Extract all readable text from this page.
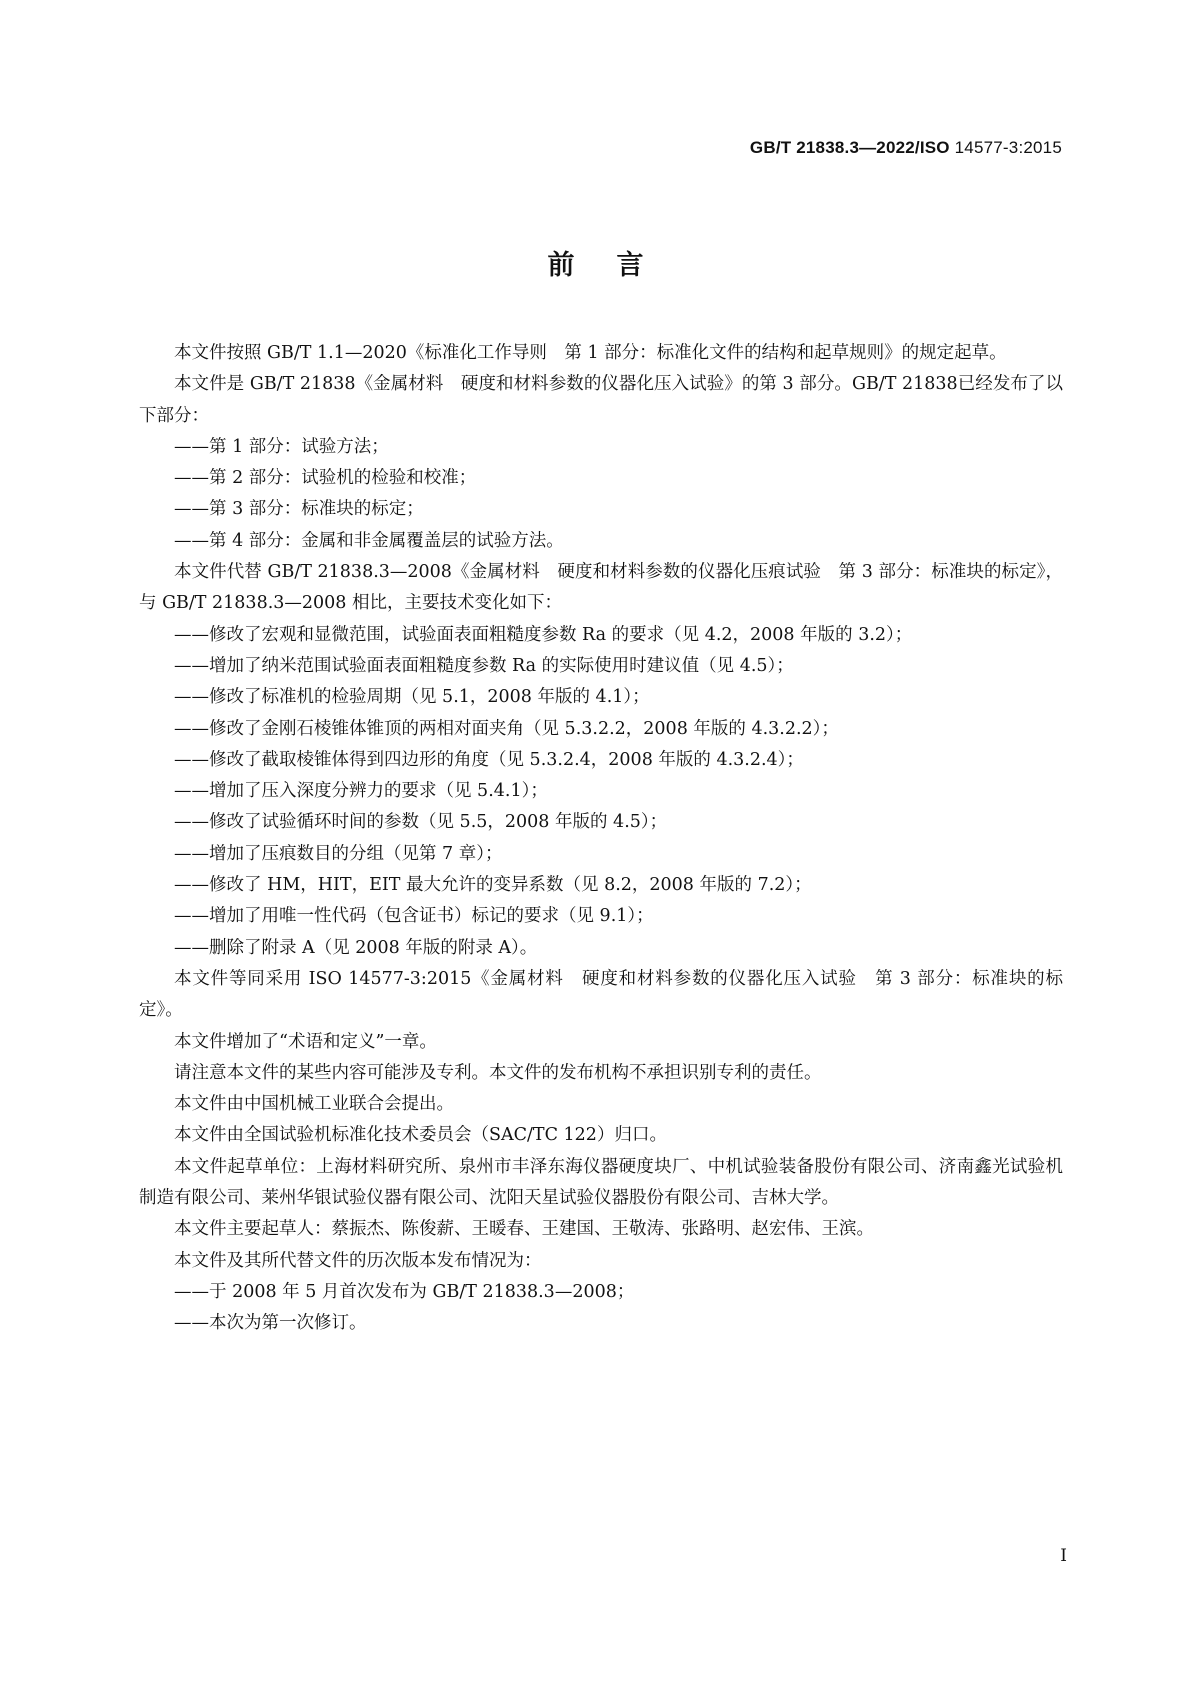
GB/T 21838.3—2022/ISO 14577-3:2015
前言

本文件按照 GB/T 1.1—2020《标准化工作导则　第 1 部分：标准化文件的结构和起草规则》的规定起草。

本文件是 GB/T 21838《金属材料　硬度和材料参数的仪器化压入试验》的第 3 部分。GB/T 21838已经发布了以下部分：

——第 1 部分：试验方法；

——第 2 部分：试验机的检验和校准；

——第 3 部分：标准块的标定；

——第 4 部分：金属和非金属覆盖层的试验方法。

本文件代替 GB/T 21838.3—2008《金属材料　硬度和材料参数的仪器化压痕试验　第 3 部分：标准块的标定》，与 GB/T 21838.3—2008 相比，主要技术变化如下：

——修改了宏观和显微范围，试验面表面粗糙度参数 Ra 的要求（见 4.2，2008 年版的 3.2）；

——增加了纳米范围试验面表面粗糙度参数 Ra 的实际使用时建议值（见 4.5）；

——修改了标准机的检验周期（见 5.1，2008 年版的 4.1）；

——修改了金刚石棱锥体锥顶的两相对面夹角（见 5.3.2.2，2008 年版的 4.3.2.2）；

——修改了截取棱锥体得到四边形的角度（见 5.3.2.4，2008 年版的 4.3.2.4）；

——增加了压入深度分辨力的要求（见 5.4.1）；

——修改了试验循环时间的参数（见 5.5，2008 年版的 4.5）；

——增加了压痕数目的分组（见第 7 章）；

——修改了 HM，HIT，EIT 最大允许的变异系数（见 8.2，2008 年版的 7.2）；

——增加了用唯一性代码（包含证书）标记的要求（见 9.1）；

——删除了附录 A（见 2008 年版的附录 A）。

本文件等同采用 ISO 14577-3:2015《金属材料　硬度和材料参数的仪器化压入试验　第 3 部分：标准块的标定》。

本文件增加了“术语和定义”一章。

请注意本文件的某些内容可能涉及专利。本文件的发布机构不承担识别专利的责任。

本文件由中国机械工业联合会提出。

本文件由全国试验机标准化技术委员会（SAC/TC 122）归口。

本文件起草单位：上海材料研究所、泉州市丰泽东海仪器硬度块厂、中机试验装备股份有限公司、济南鑫光试验机制造有限公司、莱州华银试验仪器有限公司、沈阳天星试验仪器股份有限公司、吉林大学。

本文件主要起草人：蔡振杰、陈俊薪、王暖春、王建国、王敬涛、张路明、赵宏伟、王滨。

本文件及其所代替文件的历次版本发布情况为：

——于 2008 年 5 月首次发布为 GB/T 21838.3—2008；

——本次为第一次修订。

I
